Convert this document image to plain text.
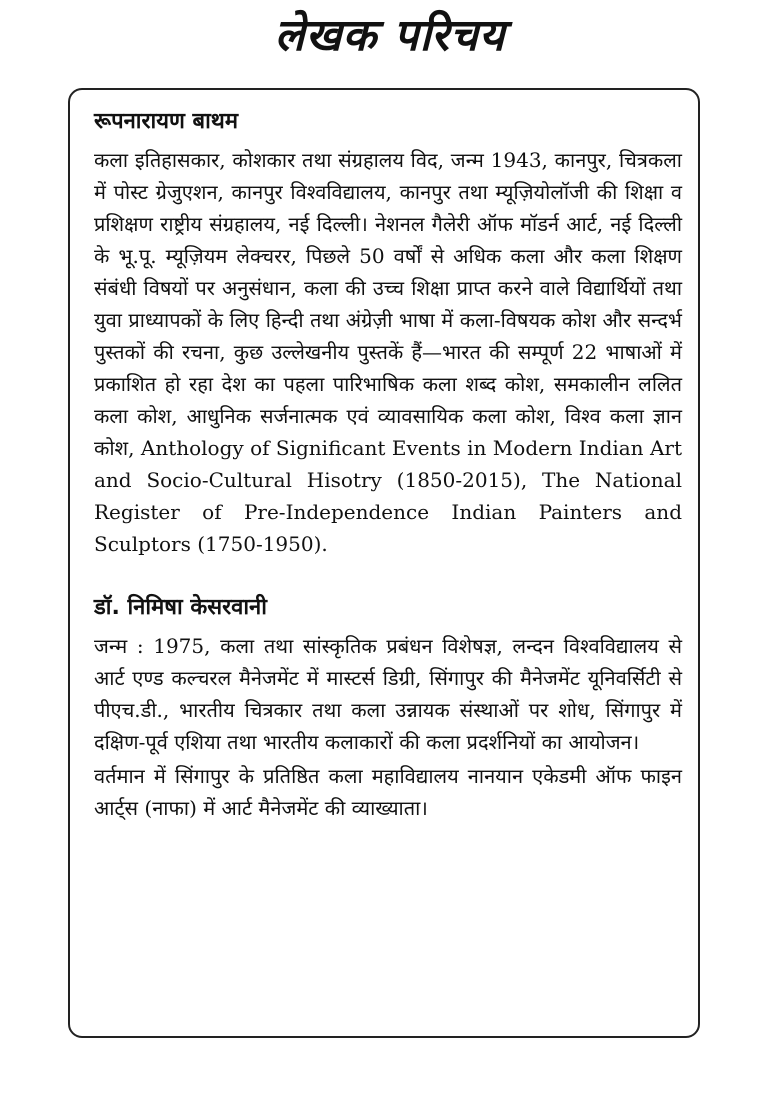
लेखक परिचय
रूपनारायण बाथम

कला इतिहासकार, कोशकार तथा संग्रहालय विद, जन्म 1943, कानपुर, चित्रकला में पोस्ट ग्रेजुएशन, कानपुर विश्वविद्यालय, कानपुर तथा म्यूज़ियोलॉजी की शिक्षा व प्रशिक्षण राष्ट्रीय संग्रहालय, नई दिल्ली। नेशनल गैलेरी ऑफ मॉडर्न आर्ट, नई दिल्ली के भू.पू. म्यूज़ियम लेक्चरर, पिछले 50 वर्षों से अधिक कला और कला शिक्षण संबंधी विषयों पर अनुसंधान, कला की उच्च शिक्षा प्राप्त करने वाले विद्यार्थियों तथा युवा प्राध्यापकों के लिए हिन्दी तथा अंग्रेज़ी भाषा में कला-विषयक कोश और सन्दर्भ पुस्तकों की रचना, कुछ उल्लेखनीय पुस्तकें हैं—भारत की सम्पूर्ण 22 भाषाओं में प्रकाशित हो रहा देश का पहला पारिभाषिक कला शब्द कोश, समकालीन ललित कला कोश, आधुनिक सर्जनात्मक एवं व्यावसायिक कला कोश, विश्व कला ज्ञान कोश, Anthology of Significant Events in Modern Indian Art and Socio-Cultural Hisotry (1850-2015), The National Register of Pre-Independence Indian Painters and Sculptors (1750-1950).

डॉ. निमिषा केसरवानी

जन्म : 1975, कला तथा सांस्कृतिक प्रबंधन विशेषज्ञ, लन्दन विश्वविद्यालय से आर्ट एण्ड कल्चरल मैनेजमेंट में मास्टर्स डिग्री, सिंगापुर की मैनेजमेंट यूनिवर्सिटी से पीएच.डी., भारतीय चित्रकार तथा कला उन्नायक संस्थाओं पर शोध, सिंगापुर में दक्षिण-पूर्व एशिया तथा भारतीय कलाकारों की कला प्रदर्शनियों का आयोजन।

वर्तमान में सिंगापुर के प्रतिष्ठित कला महाविद्यालय नानयान एकेडमी ऑफ फाइन आर्ट्स (नाफा) में आर्ट मैनेजमेंट की व्याख्याता।
